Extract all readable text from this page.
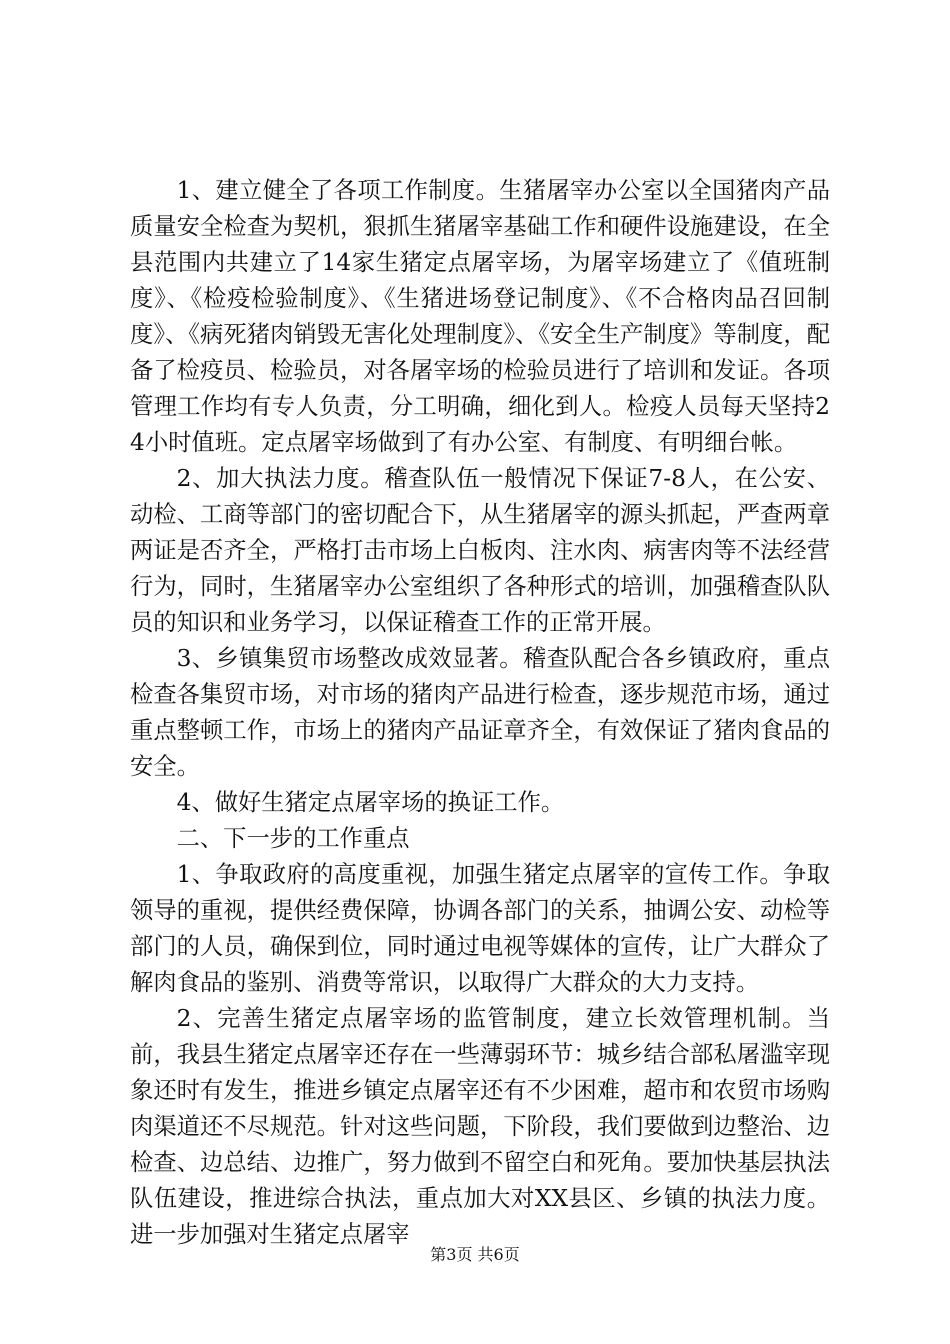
1、建立健全了各项工作制度。生猪屠宰办公室以全国猪肉产品质量安全检查为契机，狠抓生猪屠宰基础工作和硬件设施建设，在全县范围内共建立了14家生猪定点屠宰场，为屠宰场建立了《值班制度》、《检疫检验制度》、《生猪进场登记制度》、《不合格肉品召回制度》、《病死猪肉销毁无害化处理制度》、《安全生产制度》等制度，配备了检疫员、检验员，对各屠宰场的检验员进行了培训和发证。各项管理工作均有专人负责，分工明确，细化到人。检疫人员每天坚持24小时值班。定点屠宰场做到了有办公室、有制度、有明细台帐。

2、加大执法力度。稽查队伍一般情况下保证7-8人，在公安、动检、工商等部门的密切配合下，从生猪屠宰的源头抓起，严查两章两证是否齐全，严格打击市场上白板肉、注水肉、病害肉等不法经营行为，同时，生猪屠宰办公室组织了各种形式的培训，加强稽查队队员的知识和业务学习，以保证稽查工作的正常开展。

3、乡镇集贸市场整改成效显著。稽查队配合各乡镇政府，重点检查各集贸市场，对市场的猪肉产品进行检查，逐步规范市场，通过重点整顿工作，市场上的猪肉产品证章齐全，有效保证了猪肉食品的安全。

4、做好生猪定点屠宰场的换证工作。

二、下一步的工作重点

1、争取政府的高度重视，加强生猪定点屠宰的宣传工作。争取领导的重视，提供经费保障，协调各部门的关系，抽调公安、动检等部门的人员，确保到位，同时通过电视等媒体的宣传，让广大群众了解肉食品的鉴别、消费等常识，以取得广大群众的大力支持。

2、完善生猪定点屠宰场的监管制度，建立长效管理机制。当前，我县生猪定点屠宰还存在一些薄弱环节：城乡结合部私屠滥宰现象还时有发生，推进乡镇定点屠宰还有不少困难，超市和农贸市场购肉渠道还不尽规范。针对这些问题，下阶段，我们要做到边整治、边检查、边总结、边推广，努力做到不留空白和死角。要加快基层执法队伍建设，推进综合执法，重点加大对XX县区、乡镇的执法力度。进一步加强对生猪定点屠宰

第3页 共6页
